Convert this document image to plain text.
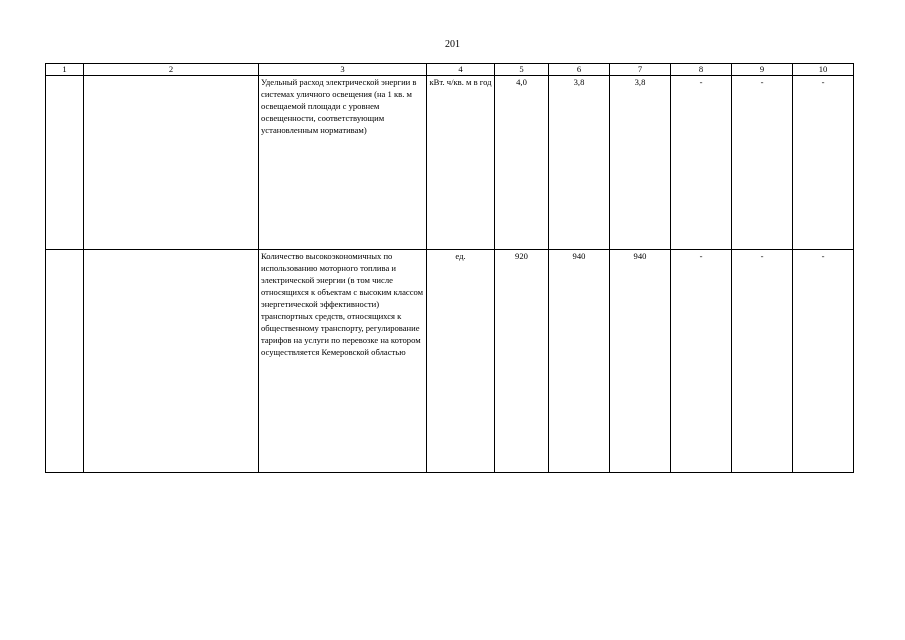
201
1	2	3	4	5	6	7	8	9	10
		Удельный расход электрической энергии в системах уличного освещения (на 1 кв. м освещаемой площади с уровнем освещенности, соответствующим установленным нормативам)	кВт. ч/кв. м в год	4,0	3,8	3,8	-	-	-
		Количество высокоэкономичных по использованию моторного топлива и электрической энергии (в том числе относящихся к объектам с высоким классом энергетической эффективности) транспортных средств, относящихся к общественному транспорту, регулирование тарифов на услуги по перевозке на котором осуществляется Кемеровской областью	ед.	920	940	940	-	-	-
